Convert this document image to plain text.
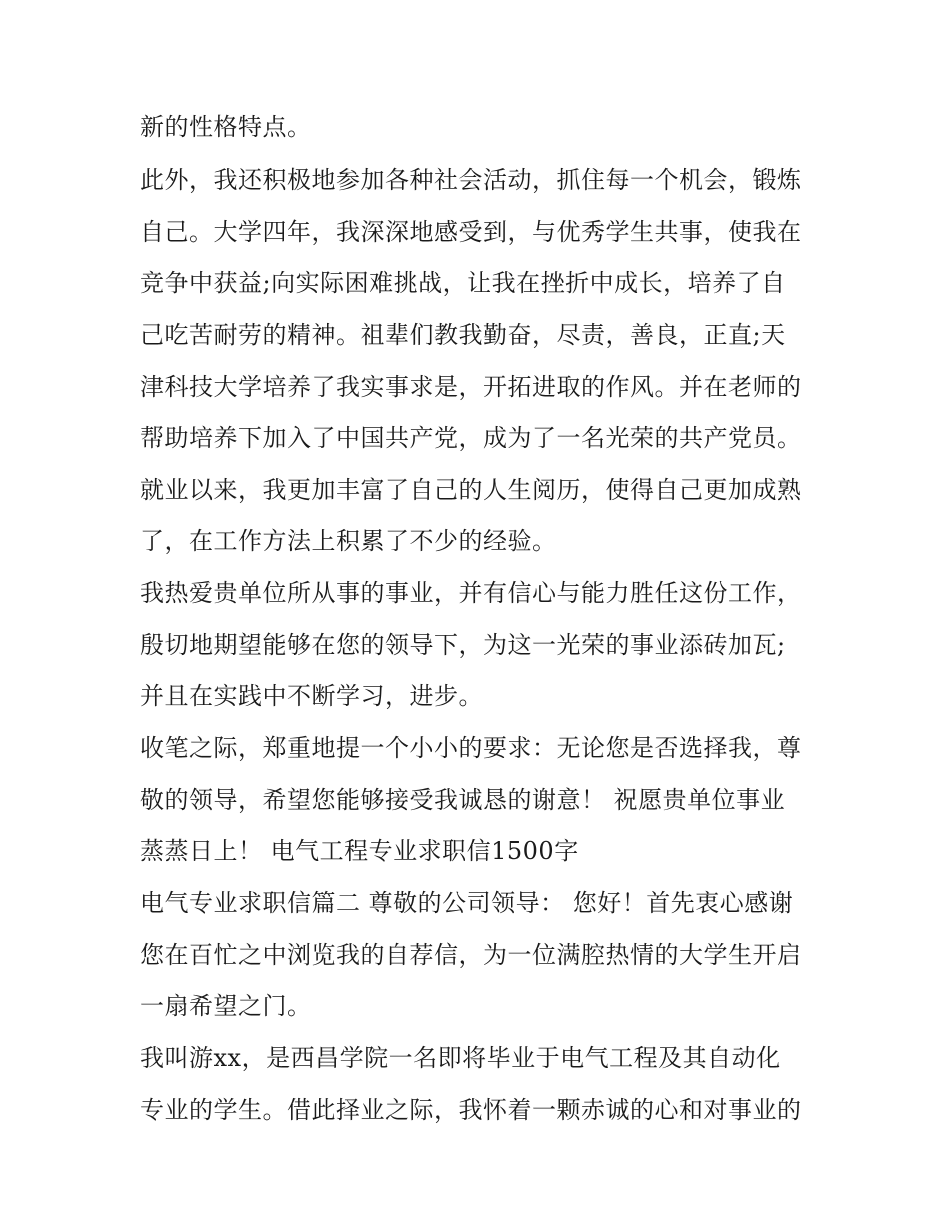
新的性格特点。
此外，我还积极地参加各种社会活动，抓住每一个机会，锻炼
自己。大学四年，我深深地感受到，与优秀学生共事，使我在
竞争中获益;向实际困难挑战，让我在挫折中成长，培养了自
己吃苦耐劳的精神。祖辈们教我勤奋，尽责，善良，正直;天
津科技大学培养了我实事求是，开拓进取的作风。并在老师的
帮助培养下加入了中国共产党，成为了一名光荣的共产党员。
就业以来，我更加丰富了自己的人生阅历，使得自己更加成熟
了，在工作方法上积累了不少的经验。
我热爱贵单位所从事的事业，并有信心与能力胜任这份工作，
殷切地期望能够在您的领导下，为这一光荣的事业添砖加瓦;
并且在实践中不断学习，进步。
收笔之际，郑重地提一个小小的要求：无论您是否选择我，尊
敬的领导，希望您能够接受我诚恳的谢意！ 祝愿贵单位事业
蒸蒸日上！ 电气工程专业求职信1500字
电气专业求职信篇二 尊敬的公司领导： 您好！首先衷心感谢
您在百忙之中浏览我的自荐信，为一位满腔热情的大学生开启
一扇希望之门。
我叫游xx，是西昌学院一名即将毕业于电气工程及其自动化
专业的学生。借此择业之际，我怀着一颗赤诚的心和对事业的
